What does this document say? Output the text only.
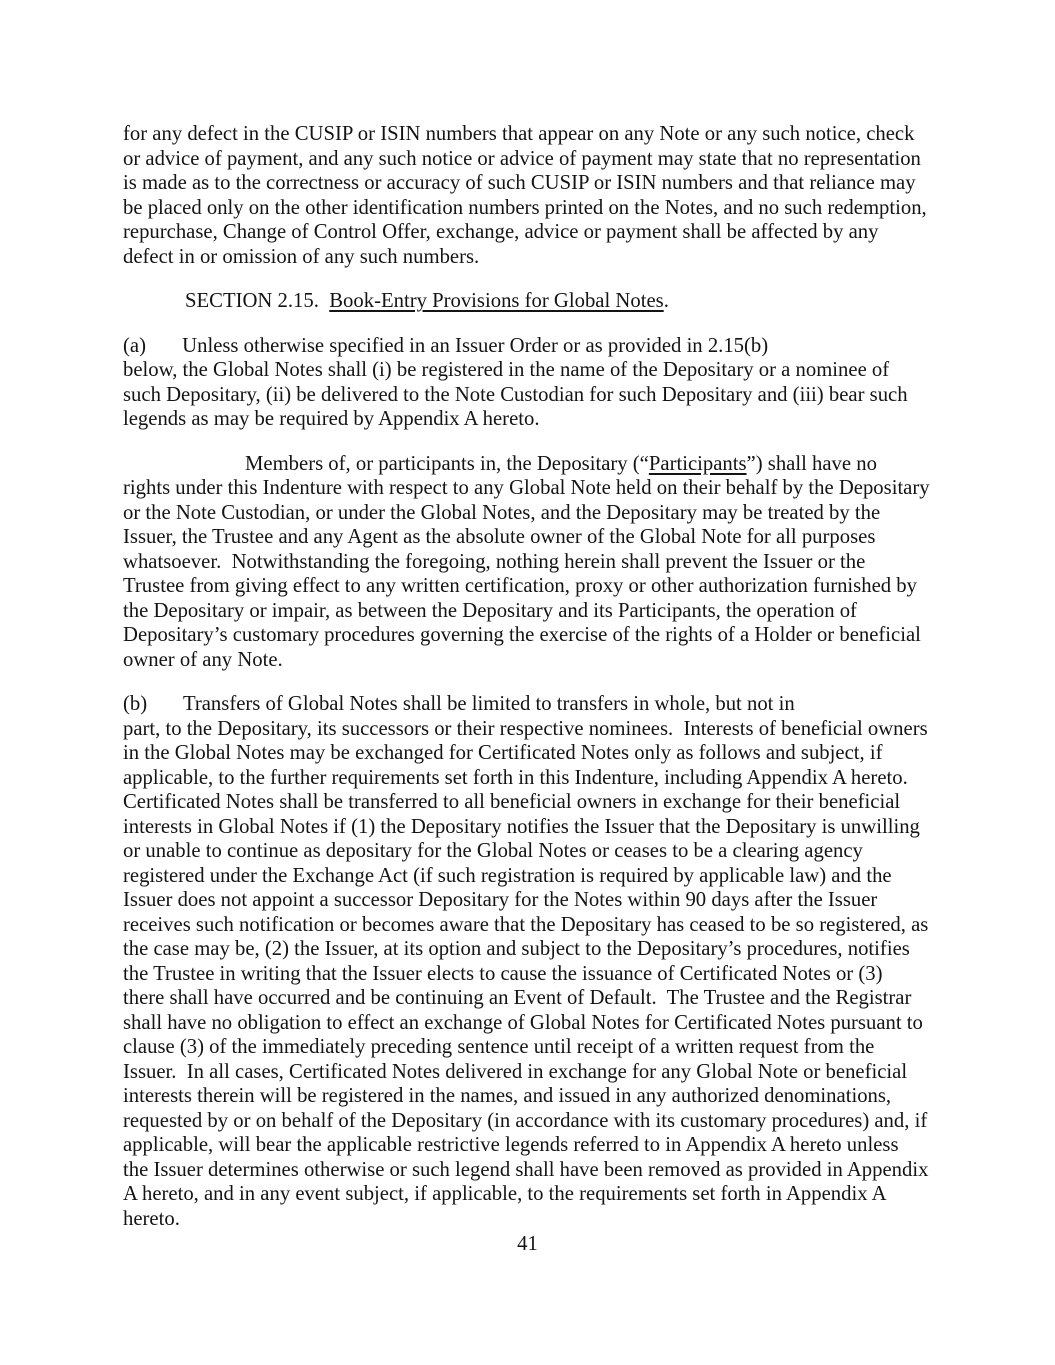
for any defect in the CUSIP or ISIN numbers that appear on any Note or any such notice, check
or advice of payment, and any such notice or advice of payment may state that no representation
is made as to the correctness or accuracy of such CUSIP or ISIN numbers and that reliance may
be placed only on the other identification numbers printed on the Notes, and no such redemption,
repurchase, Change of Control Offer, exchange, advice or payment shall be affected by any
defect in or omission of any such numbers.
SECTION 2.15. Book-Entry Provisions for Global Notes.
(a)       Unless otherwise specified in an Issuer Order or as provided in 2.15(b)
below, the Global Notes shall (i) be registered in the name of the Depositary or a nominee of
such Depositary, (ii) be delivered to the Note Custodian for such Depositary and (iii) bear such
legends as may be required by Appendix A hereto.
Members of, or participants in, the Depositary (“Participants”) shall have no
rights under this Indenture with respect to any Global Note held on their behalf by the Depositary
or the Note Custodian, or under the Global Notes, and the Depositary may be treated by the
Issuer, the Trustee and any Agent as the absolute owner of the Global Note for all purposes
whatsoever.  Notwithstanding the foregoing, nothing herein shall prevent the Issuer or the
Trustee from giving effect to any written certification, proxy or other authorization furnished by
the Depositary or impair, as between the Depositary and its Participants, the operation of
Depositary’s customary procedures governing the exercise of the rights of a Holder or beneficial
owner of any Note.
(b)       Transfers of Global Notes shall be limited to transfers in whole, but not in
part, to the Depositary, its successors or their respective nominees.  Interests of beneficial owners
in the Global Notes may be exchanged for Certificated Notes only as follows and subject, if
applicable, to the further requirements set forth in this Indenture, including Appendix A hereto.
Certificated Notes shall be transferred to all beneficial owners in exchange for their beneficial
interests in Global Notes if (1) the Depositary notifies the Issuer that the Depositary is unwilling
or unable to continue as depositary for the Global Notes or ceases to be a clearing agency
registered under the Exchange Act (if such registration is required by applicable law) and the
Issuer does not appoint a successor Depositary for the Notes within 90 days after the Issuer
receives such notification or becomes aware that the Depositary has ceased to be so registered, as
the case may be, (2) the Issuer, at its option and subject to the Depositary’s procedures, notifies
the Trustee in writing that the Issuer elects to cause the issuance of Certificated Notes or (3)
there shall have occurred and be continuing an Event of Default.  The Trustee and the Registrar
shall have no obligation to effect an exchange of Global Notes for Certificated Notes pursuant to
clause (3) of the immediately preceding sentence until receipt of a written request from the
Issuer.  In all cases, Certificated Notes delivered in exchange for any Global Note or beneficial
interests therein will be registered in the names, and issued in any authorized denominations,
requested by or on behalf of the Depositary (in accordance with its customary procedures) and, if
applicable, will bear the applicable restrictive legends referred to in Appendix A hereto unless
the Issuer determines otherwise or such legend shall have been removed as provided in Appendix
A hereto, and in any event subject, if applicable, to the requirements set forth in Appendix A
hereto.
41
